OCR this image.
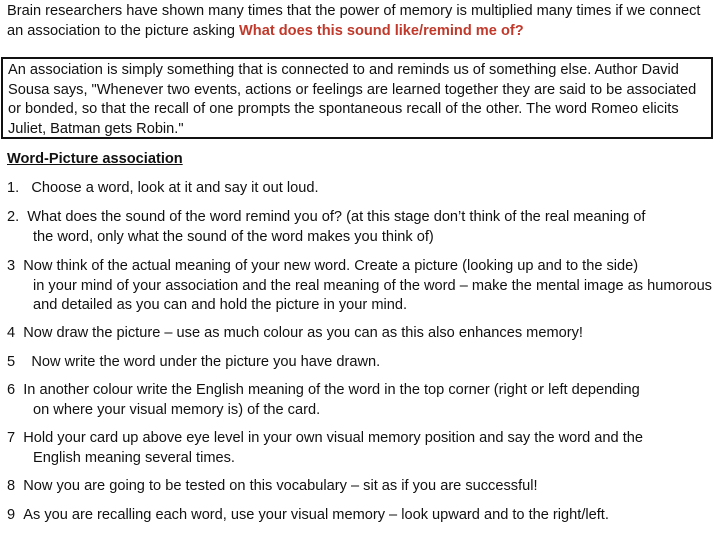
Brain researchers have shown many times that the power of memory is multiplied many times if we connect an association to the picture asking What does this sound like/remind me of?
An association is simply something that is connected to and reminds us of something else. Author David Sousa says, "Whenever two events, actions or feelings are learned together they are said to be associated or bonded, so that the recall of one prompts the spontaneous recall of the other. The word Romeo elicits Juliet, Batman gets Robin."
Word-Picture association
1. Choose a word, look at it and say it out loud.
2. What does the sound of the word remind you of? (at this stage don’t think of the real meaning of
the word, only what the sound of the word makes you think of)
3 Now think of the actual meaning of your new word. Create a picture (looking up and to the side)
in your mind of your association and the real meaning of the word – make the mental image as humorous and detailed as you can and hold the picture in your mind.
4 Now draw the picture – use as much colour as you can as this also enhances memory!
5 Now write the word under the picture you have drawn.
6 In another colour write the English meaning of the word in the top corner (right or left depending
on where your visual memory is) of the card.
7 Hold your card up above eye level in your own visual memory position and say the word and the
English meaning several times.
8 Now you are going to be tested on this vocabulary – sit as if you are successful!
9 As you are recalling each word, use your visual memory – look upward and to the right/left.
